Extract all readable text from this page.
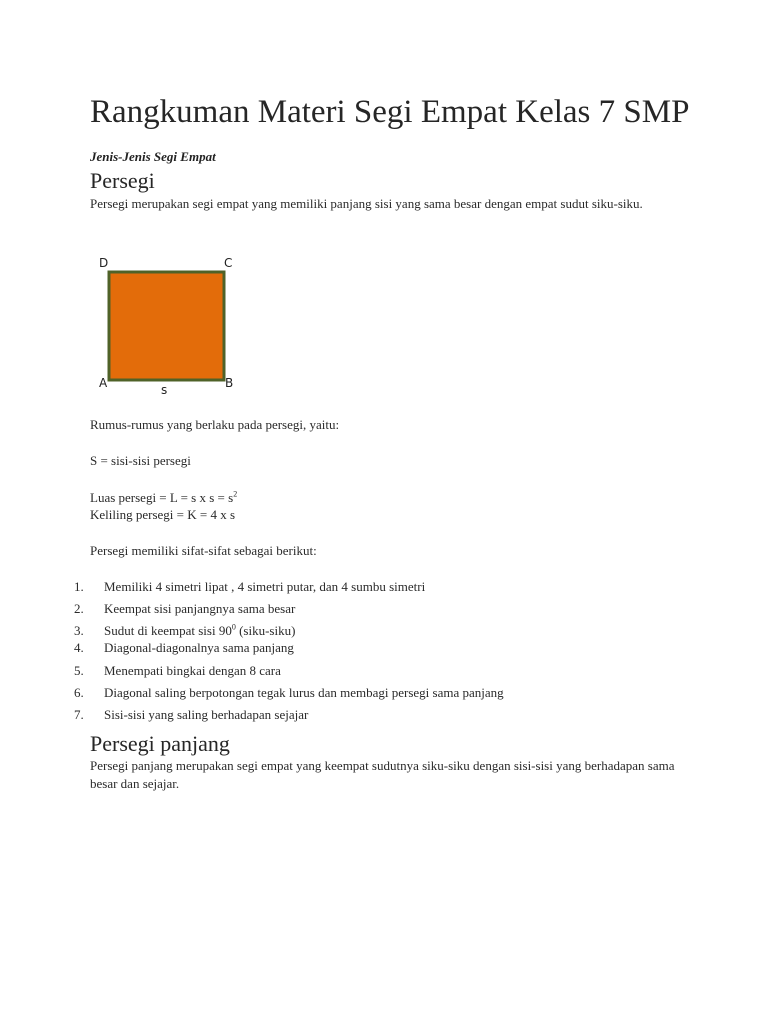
Rangkuman Materi Segi Empat Kelas 7 SMP

Jenis-Jenis Segi Empat

Persegi

Persegi merupakan segi empat yang memiliki panjang sisi yang sama besar dengan empat sudut siku-siku.

D	C
A	B
s

Rumus-rumus yang berlaku pada persegi, yaitu:

S = sisi-sisi persegi

Luas persegi = L = s x $s = s^2$

Keliling persegi = K = 4 x s

Persegi memiliki sifat-sifat sebagai berikut:

1. Memiliki 4 simetri lipat , 4 simetri putar, dan 4 sumbu simetri
2. Keempat sisi panjangnya sama besar
3. Sudut di keempat sisi $90^0$ (siku-siku)
4. Diagonal-diagonalnya sama panjang
5. Menempati bingkai dengan 8 cara
6. Diagonal saling berpotongan tegak lurus dan membagi persegi sama panjang
7. Sisi-sisi yang saling berhadapan sejajar
Persegi panjang

Persegi panjang merupakan segi empat yang keempat sudutnya siku-siku dengan sisi-sisi yang berhadapan sama besar dan sejajar.
